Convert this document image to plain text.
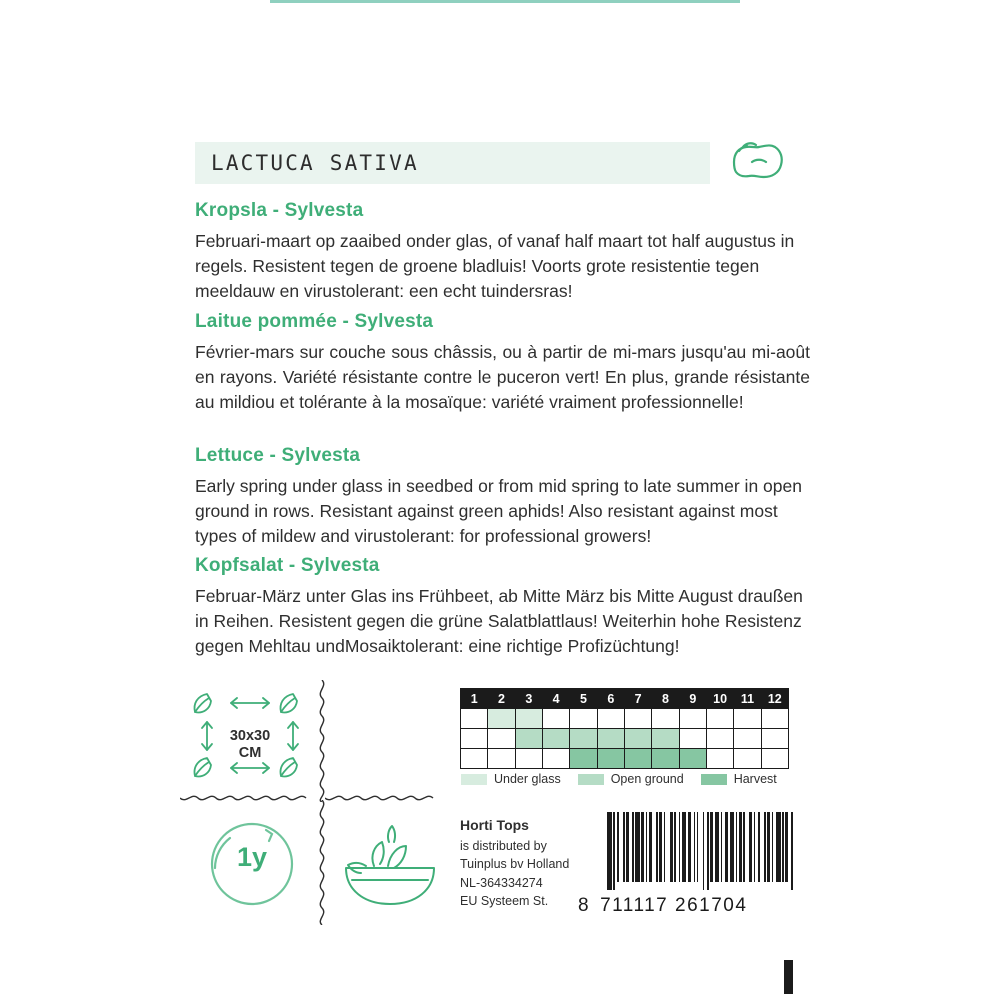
LACTUCA SATIVA

Kropsla - Sylvesta

Februari-maart op zaaibed onder glas, of vanaf half maart tot half augustus in regels. Resistent tegen de groene bladluis! Voorts grote resistentie tegen meeldauw en virustolerant: een echt tuindersras!

Laitue pommée - Sylvesta

Février-mars sur couche sous châssis, ou à partir de mi-mars jusqu'au mi-août en rayons. Variété résistante contre le puceron vert! En plus, grande résistante au mildiou et tolérante à la mosaïque: variété vraiment professionnelle!

Lettuce - Sylvesta

Early spring under glass in seedbed or from mid spring to late summer in open ground in rows. Resistant against green aphids! Also resistant against most types of mildew and virustolerant: for professional growers!

Kopfsalat - Sylvesta

Februar-März unter Glas ins Frühbeet, ab Mitte März bis Mitte August draußen in Reihen. Resistent gegen die grüne Salatblattlaus! Weiterhin hohe Resistenz gegen Mehltau undMosaiktolerant: eine richtige Profizüchtung!

30x30
CM
1y
1	2	3	4	5	6	7	8	9	10	11	12
Under glass	Open ground	Harvest
Horti Tops
is distributed by
Tuinplus bv Holland
NL-364334274
EU Systeem St.	8 711117 261704
